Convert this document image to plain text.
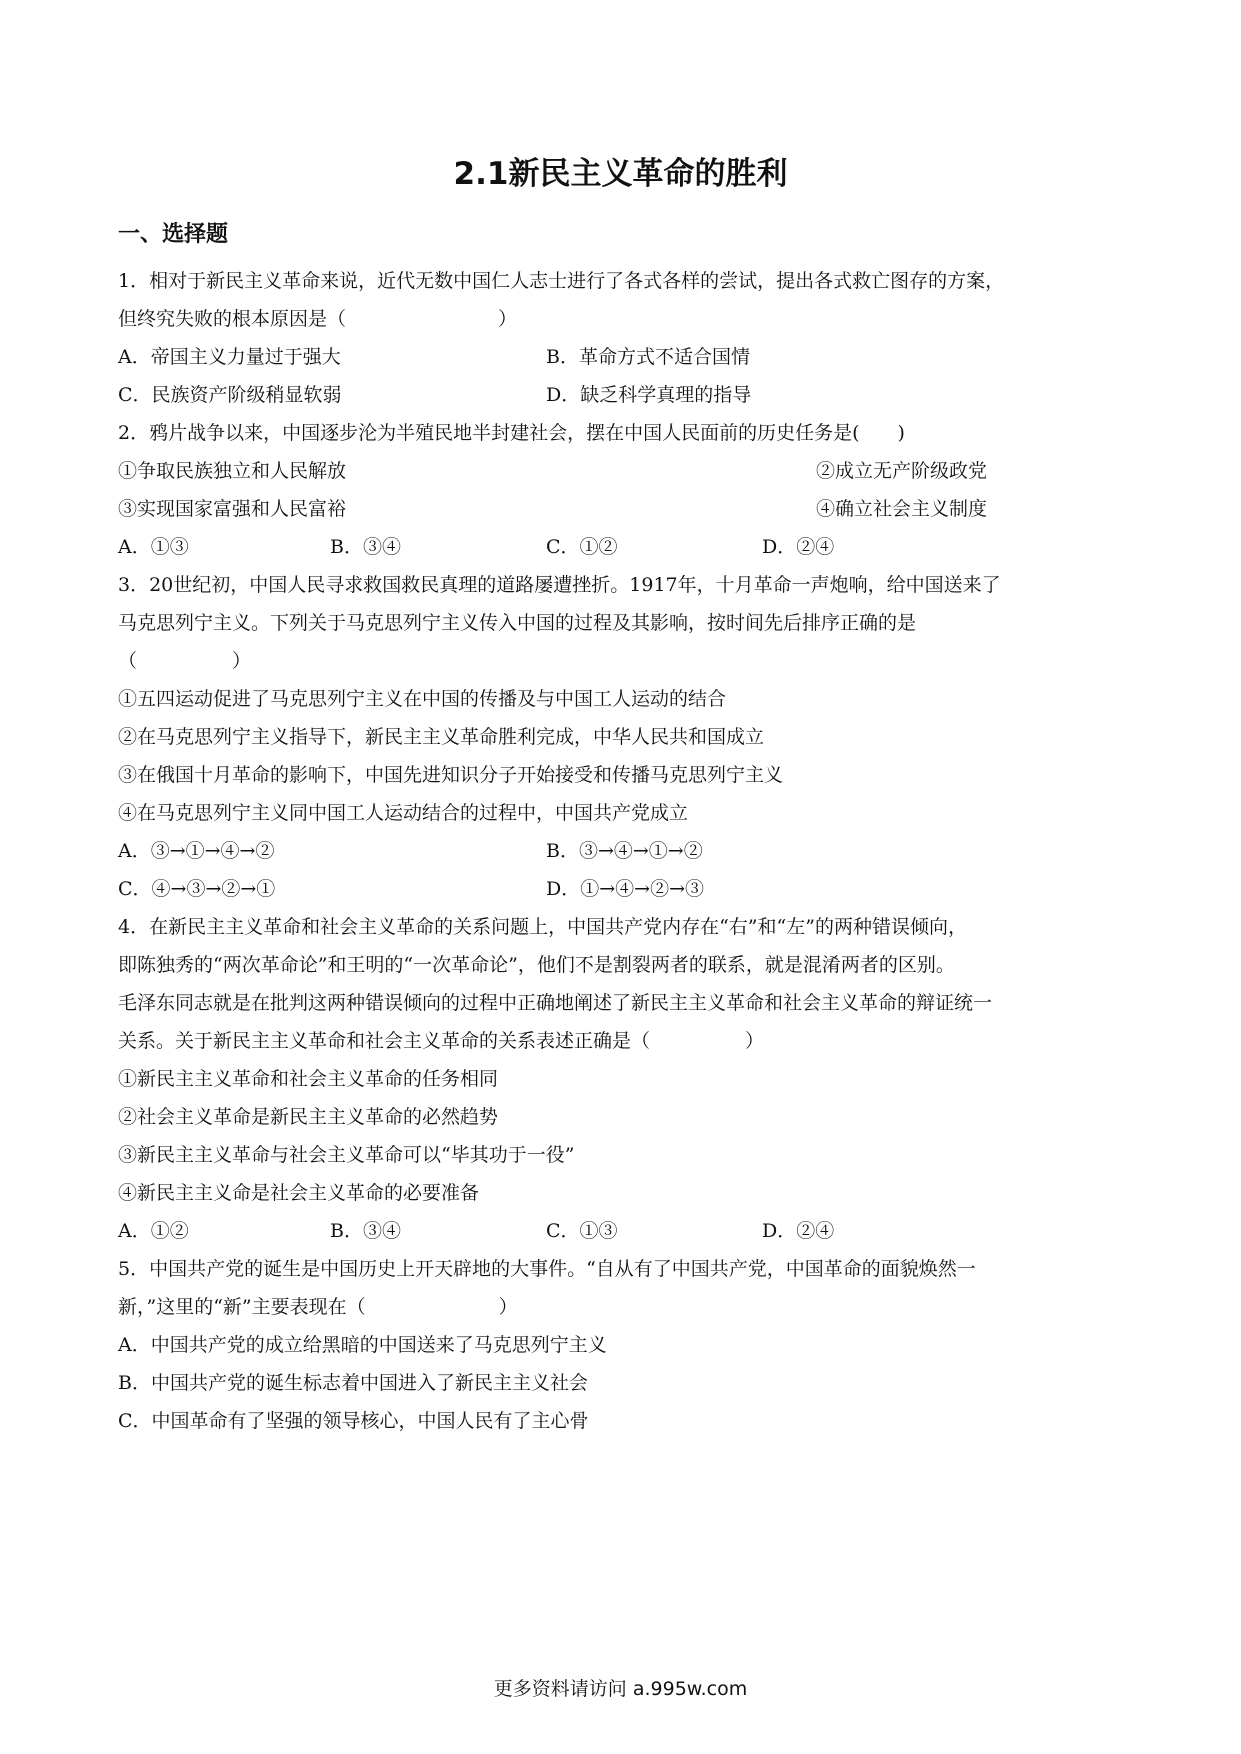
2.1新民主义革命的胜利
一、选择题
1．相对于新民主义革命来说，近代无数中国仁人志士进行了各式各样的尝试，提出各式救亡图存的方案，
但终究失败的根本原因是（　　　　　　　　）
A．帝国主义力量过于强大	B．革命方式不适合国情
C．民族资产阶级稍显软弱	D．缺乏科学真理的指导
2．鸦片战争以来，中国逐步沦为半殖民地半封建社会，摆在中国人民面前的历史任务是(　　)
①争取民族独立和人民解放	②成立无产阶级政党
③实现国家富强和人民富裕	④确立社会主义制度
A．①③	B．③④	C．①②	D．②④
3．20世纪初，中国人民寻求救国救民真理的道路屡遭挫折。1917年，十月革命一声炮响，给中国送来了
马克思列宁主义。下列关于马克思列宁主义传入中国的过程及其影响，按时间先后排序正确的是
（　　　　　）
①五四运动促进了马克思列宁主义在中国的传播及与中国工人运动的结合
②在马克思列宁主义指导下，新民主主义革命胜利完成，中华人民共和国成立
③在俄国十月革命的影响下，中国先进知识分子开始接受和传播马克思列宁主义
④在马克思列宁主义同中国工人运动结合的过程中，中国共产党成立
A．③→①→④→②	B．③→④→①→②
C．④→③→②→①	D．①→④→②→③
4．在新民主主义革命和社会主义革命的关系问题上，中国共产党内存在“右”和“左”的两种错误倾向，
即陈独秀的“两次革命论”和王明的“一次革命论”，他们不是割裂两者的联系，就是混淆两者的区别。
毛泽东同志就是在批判这两种错误倾向的过程中正确地阐述了新民主主义革命和社会主义革命的辩证统一
关系。关于新民主主义革命和社会主义革命的关系表述正确是（　　　　　）
①新民主主义革命和社会主义革命的任务相同
②社会主义革命是新民主主义革命的必然趋势
③新民主主义革命与社会主义革命可以“毕其功于一役”
④新民主主义命是社会主义革命的必要准备
A．①②	B．③④	C．①③	D．②④
5．中国共产党的诞生是中国历史上开天辟地的大事件。“自从有了中国共产党，中国革命的面貌焕然一
新，”这里的“新”主要表现在（　　　　　　　）
A．中国共产党的成立给黑暗的中国送来了马克思列宁主义
B．中国共产党的诞生标志着中国进入了新民主主义社会
C．中国革命有了坚强的领导核心，中国人民有了主心骨
更多资料请访问 a.995w.com
